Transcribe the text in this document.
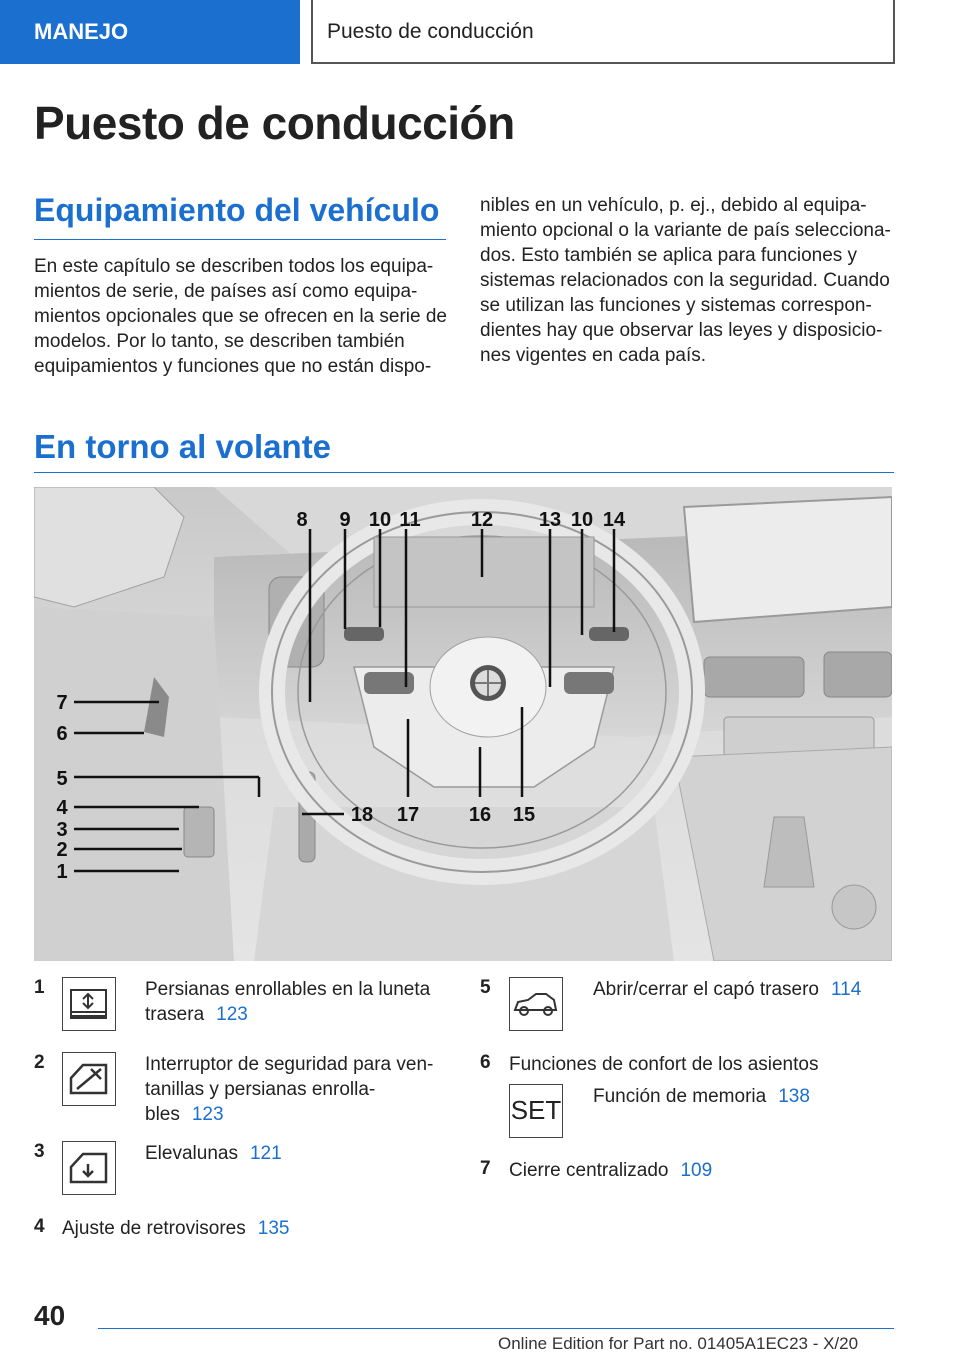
MANEJO	Puesto de conducción
Puesto de conducción
Equipamiento del vehículo

En este capítulo se describen todos los equipa-mientos de serie, de países así como equipa-mientos opcionales que se ofrecen en la serie de modelos. Por lo tanto, se describen también equipamientos y funciones que no están dispo-

nibles en un vehículo, p. ej., debido al equipa-miento opcional o la variante de país selecciona-dos. Esto también se aplica para funciones y sistemas relacionados con la seguridad. Cuando se utilizan las funciones y sistemas correspon-dientes hay que observar las leyes y disposicio-nes vigentes en cada país.

En torno al volante
8 9 10 11	12 13 10 14
7
6
5
4
3
2
1
18 17 16 15
1	Persianas enrollables en la luneta trasera 123
2	Interruptor de seguridad para ven-tanillas y persianas enrolla-bles 123
3	Elevalunas 121
4 Ajuste de retrovisores 135
5	Abrir/cerrar el capó trasero 114
6 Funciones de confort de los asientos
SET Función de memoria 138
7 Cierre centralizado 109
40
Online Edition for Part no. 01405A1EC23 - X/20
